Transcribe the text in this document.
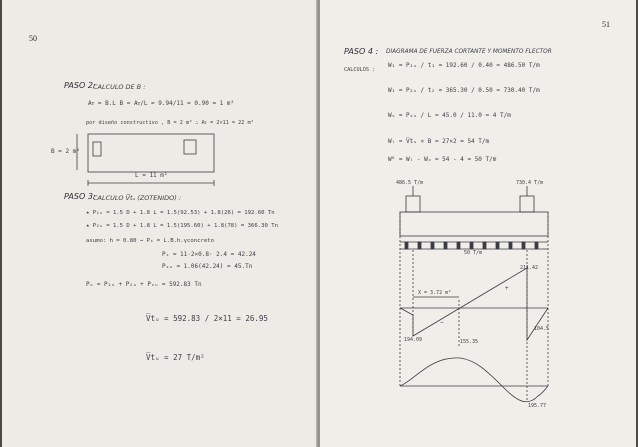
50
PASO 2:
CALCULO DE B :
Aᴛ = B.L B = Aᴛ/L = 9.94/11 = 0.90 = 1 m²
por diseño constructivo , B = 2 m² ∴ Aᴛ = 2×11 = 22 m²
B = 2 m²
L = 11 m²
PASO 3:
CALCULO V̅tᵤ (ZOTENIDO) :
★ P₁ᵤ = 1.5 D + 1.8 L = 1.5(92.53) + 1.8(26) = 192.60 Tn
★ P₂ᵤ = 1.5 D + 1.8 L = 1.5(195.60) + 1.8(78) = 366.30 Tn
asumo: h = 0.80 → Pₓ = L.B.h.γconcreto
Pₓ = 11·2×0.8· 2.4 = 42.24
Pₓᵤ = 1.06(42.24) = 45.Tn
Pᵤ = P₁ᵤ + P₂ᵤ + Pₓᵤ = 592.83 Tn
V̅tᵤ = 592.83 / 2×11 = 26.95
V̅tᵤ = 27 T/m²
51
PASO 4 : DIAGRAMA DE FUERZA CORTANTE Y MOMENTO FLECTOR
CALCULOS :
W₁ = P₁ᵤ / t₁ = 192.60 / 0.40 = 486.50 T/m
W₁ = P₂ᵤ / t₂ = 365.30 / 0.50 = 730.40 T/m
Wₓ = Pₓᵤ / L = 45.0 / 11.0 = 4 T/m
Wₗ = V̅tᵤ × B = 27×2 = 54 T/m
Wᴿ = Wₗ - Wₓ = 54 - 4 = 50 T/m
486.5 T/m	730.4 T/m
50 T/m
211.42
X = 3.72 m²
+
−
194.09	155.35
104.5
195.77
